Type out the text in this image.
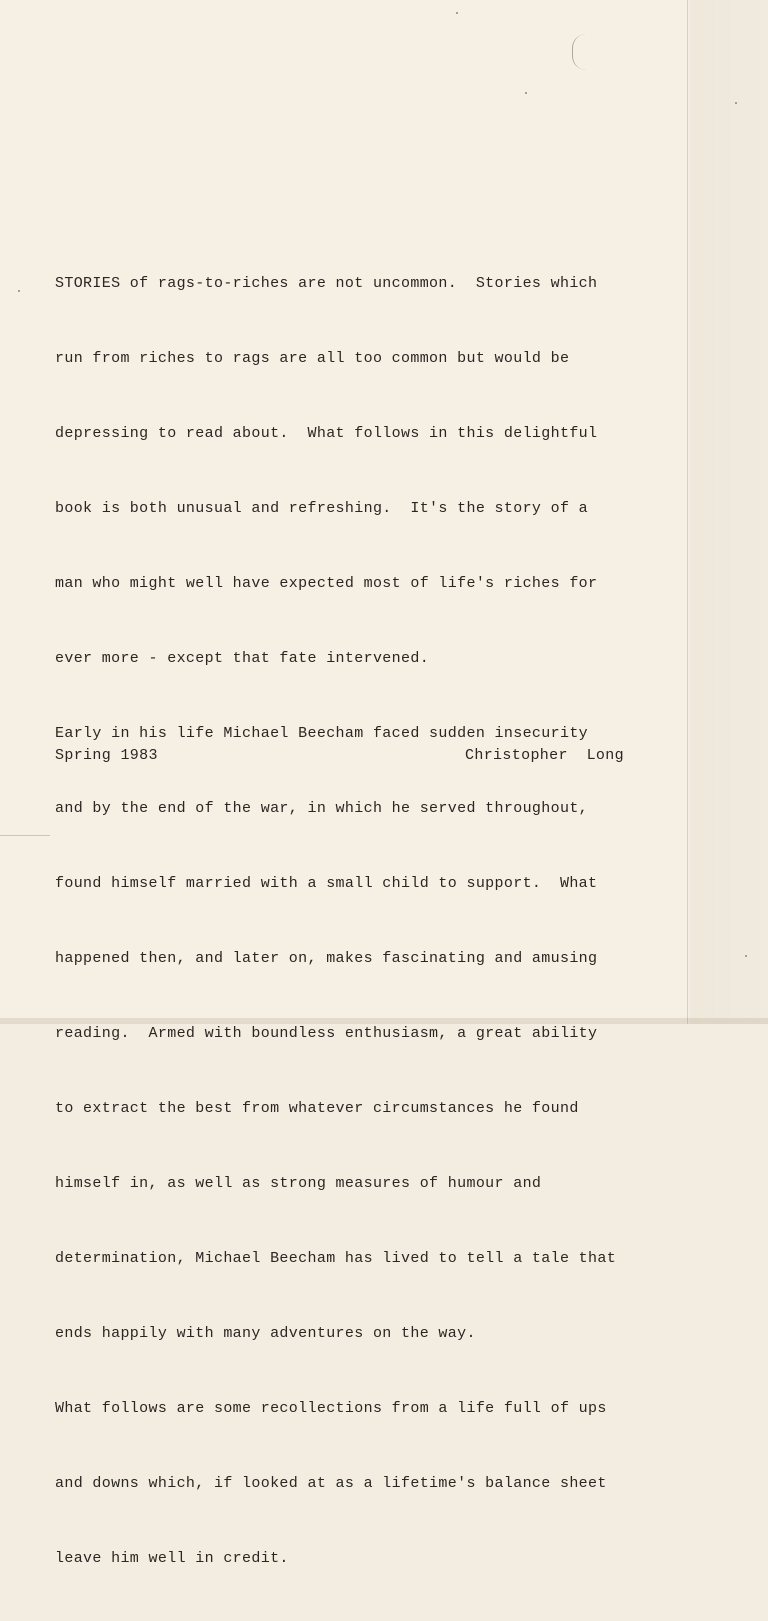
STORIES of rags-to-riches are not uncommon.  Stories which

run from riches to rags are all too common but would be

depressing to read about.  What follows in this delightful

book is both unusual and refreshing.  It's the story of a

man who might well have expected most of life's riches for

ever more - except that fate intervened.

Early in his life Michael Beecham faced sudden insecurity

and by the end of the war, in which he served throughout,

found himself married with a small child to support.  What

happened then, and later on, makes fascinating and amusing

reading.  Armed with boundless enthusiasm, a great ability

to extract the best from whatever circumstances he found

himself in, as well as strong measures of humour and

determination, Michael Beecham has lived to tell a tale that

ends happily with many adventures on the way.

What follows are some recollections from a life full of ups

and downs which, if looked at as a lifetime's balance sheet

leave him well in credit.

Spring 1983	Christopher  Long
